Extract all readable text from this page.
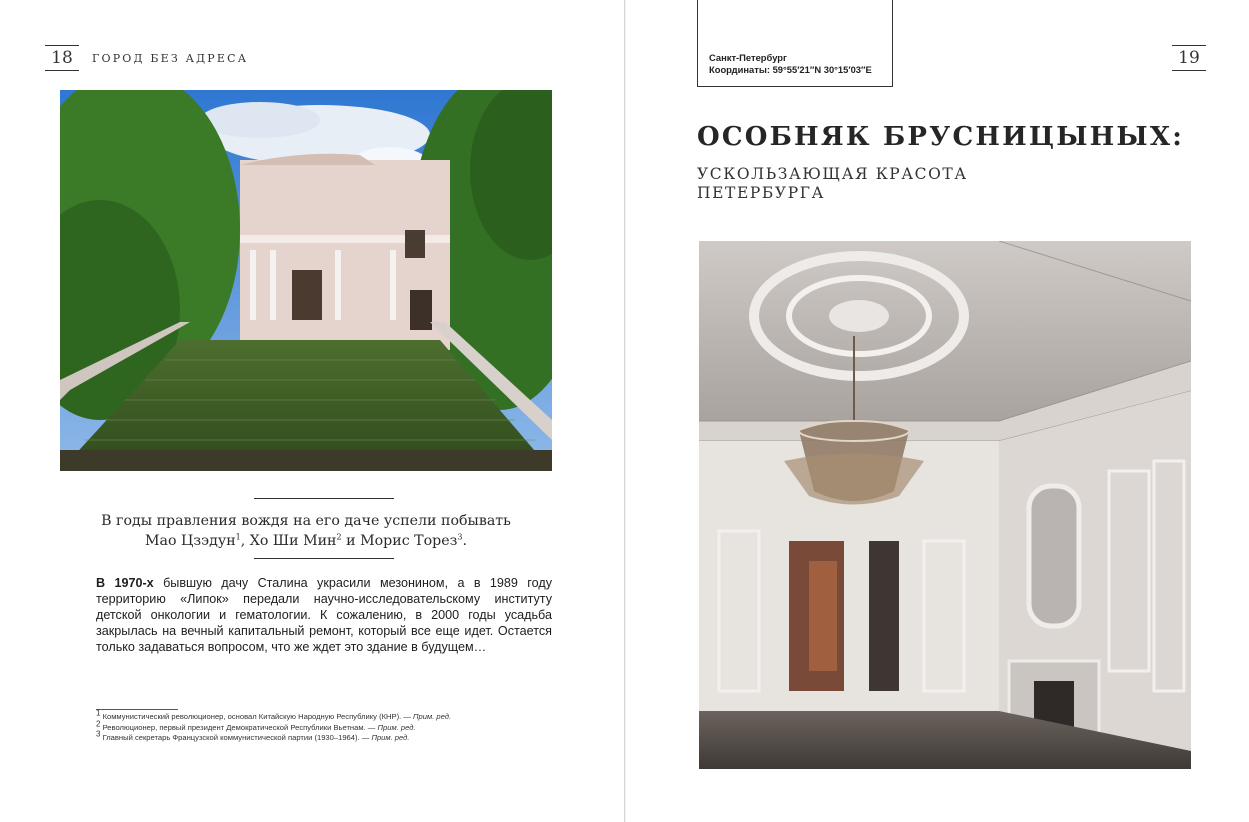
18	ГОРОД БЕЗ АДРЕСА

В годы правления вождя на его даче успели побывать

Мао Цзэдун$^1$, Хо Ши Мин$^2$ и Морис Торез$^3$.

В 1970-х бывшую дачу Сталина украсили мезонином, а в 1989 году территорию «Липок» передали научно-исследовательскому институту детской онкологии и гематологии. К сожалению, в 2000 годы усадьба закрылась на вечный капитальный ремонт, который все еще идет. Остается только задаваться вопросом, что же ждет это здание в будущем…

$^1$ Коммунистический революционер, основал Китайскую Народную Республику (КНР). — Прим. ред.
$^2$ Революционер, первый президент Демократической Республики Вьетнам. — Прим. ред.
$^3$ Главный секретарь Французской коммунистической партии (1930–1964). — Прим. ред.
Санкт-Петербург
Координаты: 59°55′21″N 30°15′03″E
19
ОСОБНЯК БРУСНИЦЫНЫХ:
УСКОЛЬЗАЮЩАЯ КРАСОТА
ПЕТЕРБУРГА
